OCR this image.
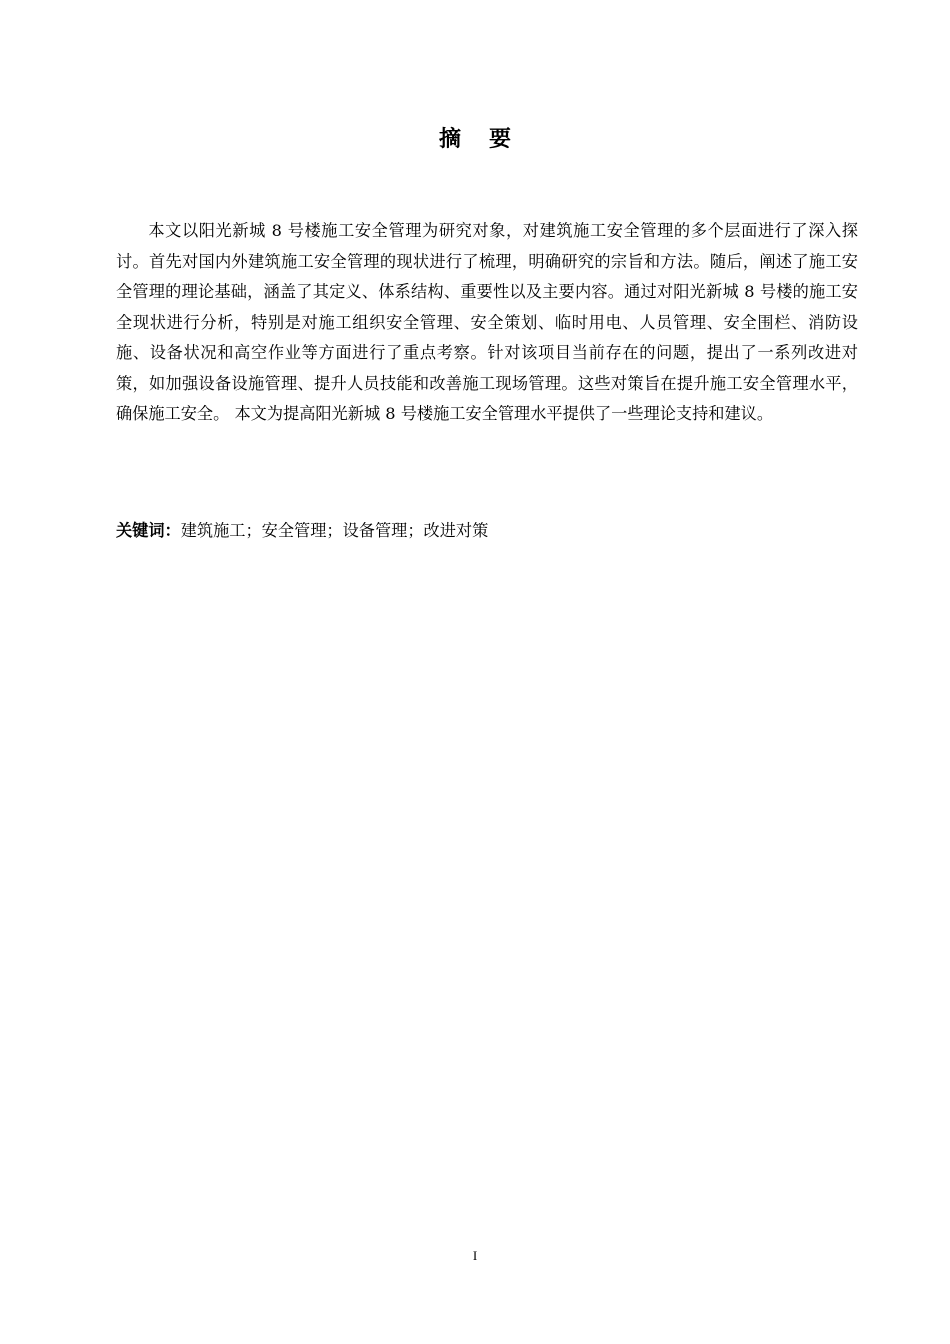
摘 要

本文以阳光新城 8 号楼施工安全管理为研究对象，对建筑施工安全管理的多个层面进行了深入探讨。首先对国内外建筑施工安全管理的现状进行了梳理，明确研究的宗旨和方法。随后，阐述了施工安全管理的理论基础，涵盖了其定义、体系结构、重要性以及主要内容。通过对阳光新城 8 号楼的施工安全现状进行分析，特别是对施工组织安全管理、安全策划、临时用电、人员管理、安全围栏、消防设施、设备状况和高空作业等方面进行了重点考察。针对该项目当前存在的问题，提出了一系列改进对策，如加强设备设施管理、提升人员技能和改善施工现场管理。这些对策旨在提升施工安全管理水平，确保施工安全。 本文为提高阳光新城 8 号楼施工安全管理水平提供了一些理论支持和建议。

关键词：建筑施工；安全管理；设备管理；改进对策

I
